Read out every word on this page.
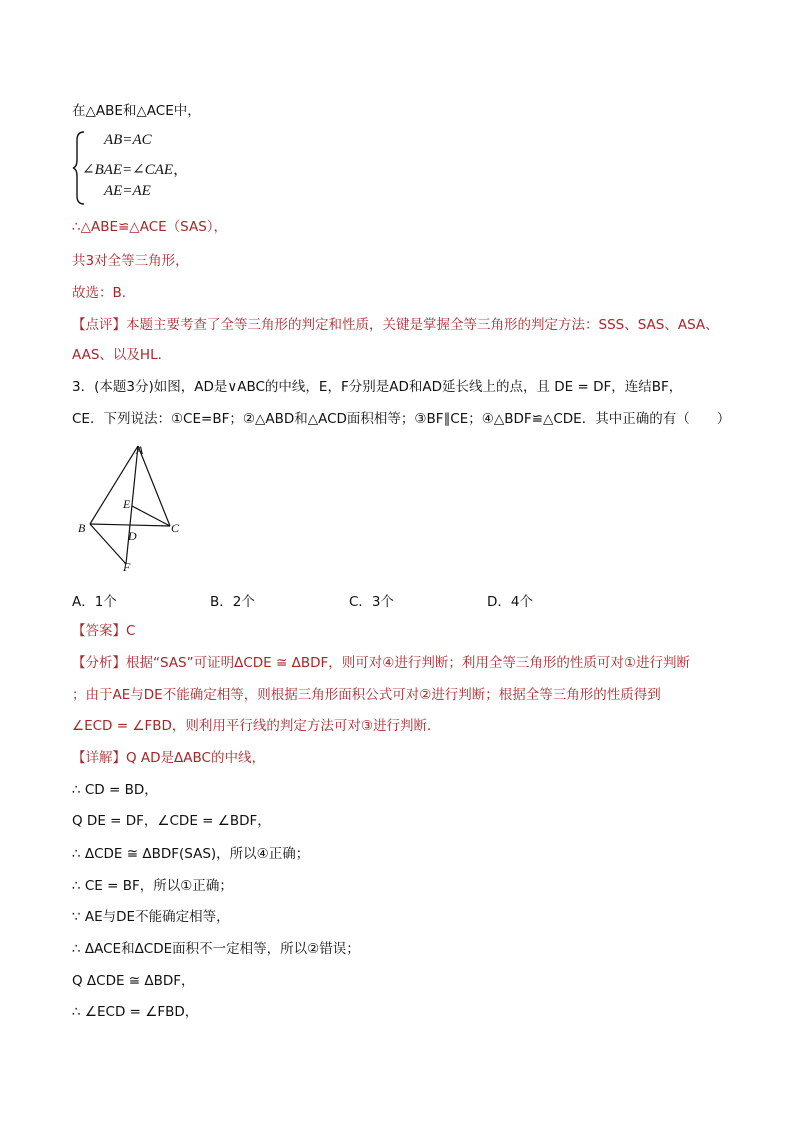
在△ABE和△ACE中，
AB=AC
∠BAE=∠CAE，
AE=AE
∴△ABE≌△ACE（SAS），
共3对全等三角形，
故选：B.
【点评】本题主要考查了全等三角形的判定和性质，关键是掌握全等三角形的判定方法：SSS、SAS、ASA、
AAS、以及HL．
3．(本题3分)如图，AD是∨ABC的中线，E，F分别是AD和AD延长线上的点，且 DE = DF，连结BF，
CE．下列说法：①CE=BF；②△ABD和△ACD面积相等；③BF∥CE；④△BDF≌△CDE．其中正确的有（　　）
A
E
B	C
D
F
A．1个	B．2个	C．3个	D．4个
【答案】C
【分析】根据“SAS”可证明ΔCDE ≅ ΔBDF，则可对④进行判断；利用全等三角形的性质可对①进行判断
；由于AE与DE不能确定相等，则根据三角形面积公式可对②进行判断；根据全等三角形的性质得到
∠ECD = ∠FBD，则利用平行线的判定方法可对③进行判断．
【详解】Q AD是ΔABC的中线，
∴ CD = BD，
Q DE = DF，∠CDE = ∠BDF，
∴ ΔCDE ≅ ΔBDF(SAS)，所以④正确；
∴ CE = BF，所以①正确；
∵ AE与DE不能确定相等，
∴ ΔACE和ΔCDE面积不一定相等，所以②错误；
Q ΔCDE ≅ ΔBDF，
∴ ∠ECD = ∠FBD，
